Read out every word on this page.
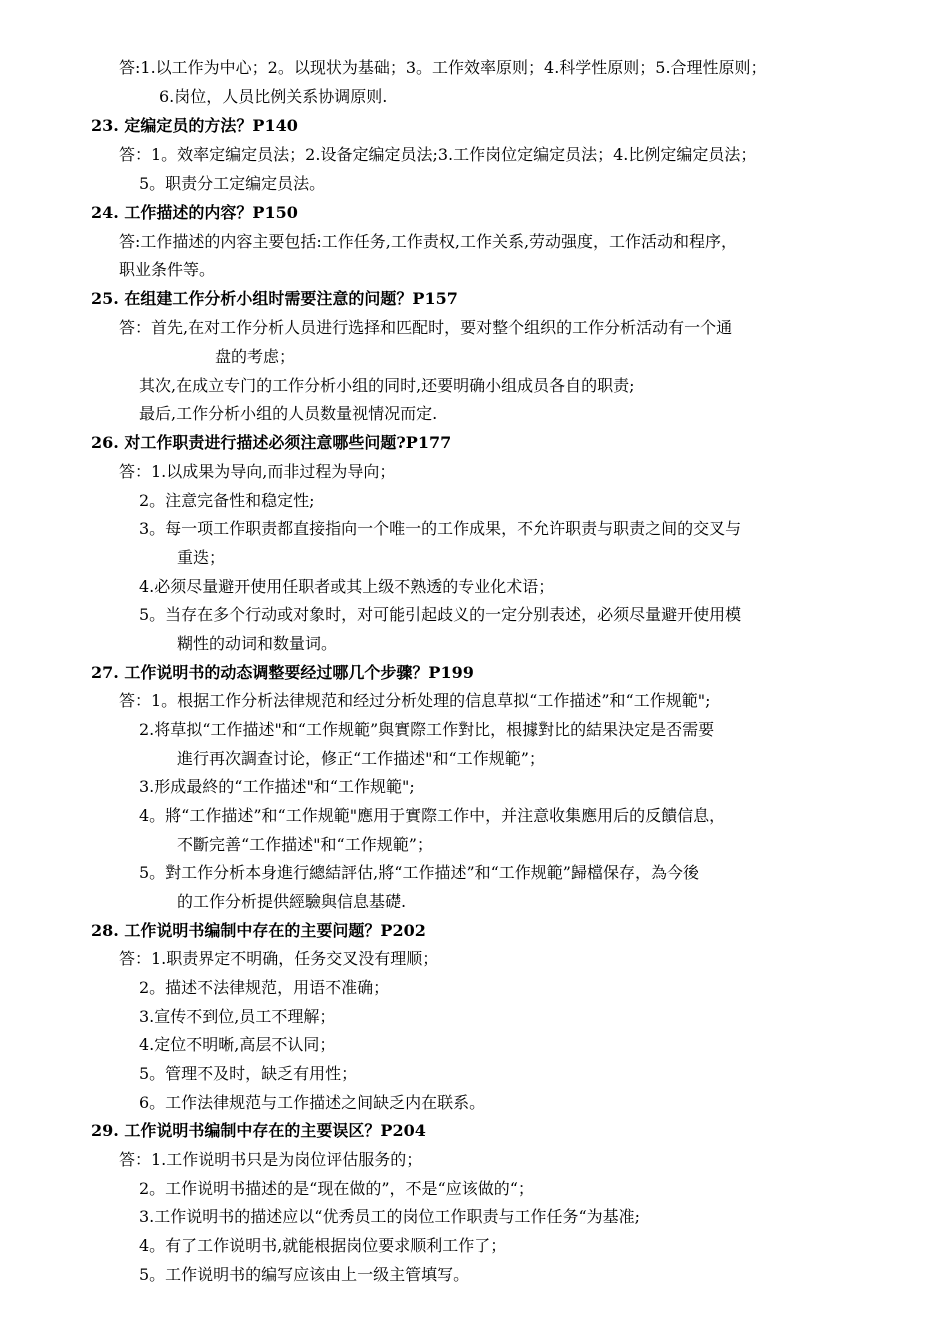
答:1.以工作为中心；2。以现状为基础；3。工作效率原则；4.科学性原则；5.合理性原则；
6.岗位，人员比例关系协调原则.
23. 定编定员的方法？P140
答：1。效率定编定员法；2.设备定编定员法;3.工作岗位定编定员法；4.比例定编定员法；
5。职责分工定编定员法。
24. 工作描述的内容？P150
答:工作描述的内容主要包括:工作任务,工作责权,工作关系,劳动强度，工作活动和程序，
职业条件等。
25. 在组建工作分析小组时需要注意的问题？P157
答：首先,在对工作分析人员进行选择和匹配时，要对整个组织的工作分析活动有一个通
盘的考虑；
其次,在成立专门的工作分析小组的同时,还要明确小组成员各自的职责;
最后,工作分析小组的人员数量视情况而定.
26. 对工作职责进行描述必须注意哪些问题?P177
答：1.以成果为导向,而非过程为导向；
2。注意完备性和稳定性;
3。每一项工作职责都直接指向一个唯一的工作成果，不允许职责与职责之间的交叉与
重迭；
4.必须尽量避开使用任职者或其上级不熟透的专业化术语；
5。当存在多个行动或对象时，对可能引起歧义的一定分别表述，必须尽量避开使用模
糊性的动词和数量词。
27. 工作说明书的动态调整要经过哪几个步骤？P199
答：1。根据工作分析法律规范和经过分析处理的信息草拟“工作描述”和“工作规範";
2.将草拟“工作描述"和“工作规範”與實際工作對比，根據對比的結果決定是否需要
進行再次調查讨论，修正“工作描述"和“工作规範”；
3.形成最終的“工作描述"和“工作规範";
4。將“工作描述”和“工作规範"應用于實際工作中，并注意收集應用后的反饋信息，
不斷完善“工作描述"和“工作规範”；
5。對工作分析本身進行總結評估,將“工作描述”和“工作规範”歸檔保存，為今後
的工作分析提供經驗與信息基礎.
28. 工作说明书编制中存在的主要问题？P202
答：1.职责界定不明确，任务交叉没有理顺；
2。描述不法律规范，用语不准确；
3.宣传不到位,员工不理解；
4.定位不明晰,高层不认同；
5。管理不及时，缺乏有用性；
6。工作法律规范与工作描述之间缺乏内在联系。
29. 工作说明书编制中存在的主要误区？P204
答：1.工作说明书只是为岗位评估服务的；
2。工作说明书描述的是“现在做的”，不是“应该做的“；
3.工作说明书的描述应以“优秀员工的岗位工作职责与工作任务“为基准;
4。有了工作说明书,就能根据岗位要求顺利工作了；
5。工作说明书的编写应该由上一级主管填写。
